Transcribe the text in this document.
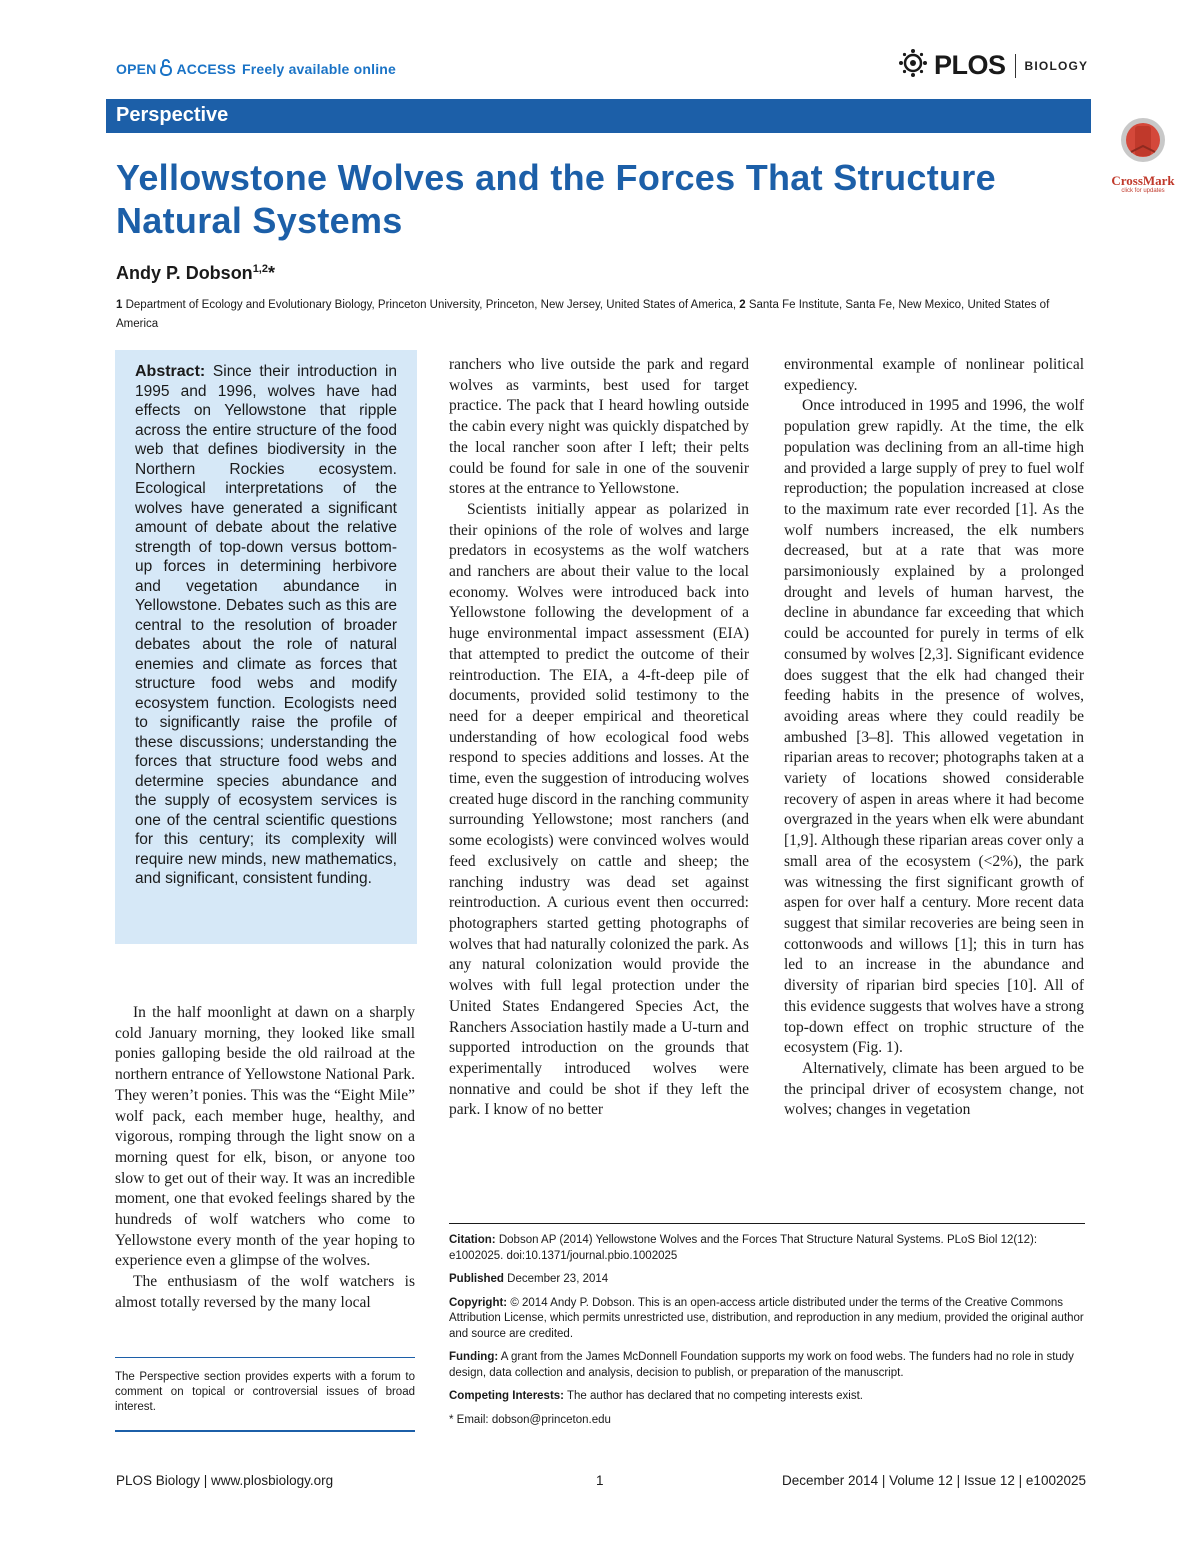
OPEN ACCESS Freely available online	PLOS BIOLOGY
Perspective
CrossMark
click for updates
Yellowstone Wolves and the Forces That Structure Natural Systems
Andy P. Dobson$^{1,2}$*
1 Department of Ecology and Evolutionary Biology, Princeton University, Princeton, New Jersey, United States of America, 2 Santa Fe Institute, Santa Fe, New Mexico, United States of America

Abstract: Since their introduction in 1995 and 1996, wolves have had effects on Yellowstone that ripple across the entire structure of the food web that defines biodiversity in the Northern Rockies ecosystem. Ecological interpretations of the wolves have generated a significant amount of debate about the relative strength of top-down versus bottom-up forces in determining herbivore and vegetation abundance in Yellowstone. Debates such as this are central to the resolution of broader debates about the role of natural enemies and climate as forces that structure food webs and modify ecosystem function. Ecologists need to significantly raise the profile of these discussions; understanding the forces that structure food webs and determine species abundance and the supply of ecosystem services is one of the central scientific questions for this century; its complexity will require new minds, new mathematics, and significant, consistent funding.

In the half moonlight at dawn on a sharply cold January morning, they looked like small ponies galloping beside the old railroad at the northern entrance of Yellowstone National Park. They weren’t ponies. This was the “Eight Mile” wolf pack, each member huge, healthy, and vigorous, romping through the light snow on a morning quest for elk, bison, or anyone too slow to get out of their way. It was an incredible moment, one that evoked feelings shared by the hundreds of wolf watchers who come to Yellowstone every month of the year hoping to experience even a glimpse of the wolves.

The enthusiasm of the wolf watchers is almost totally reversed by the many local

ranchers who live outside the park and regard wolves as varmints, best used for target practice. The pack that I heard howling outside the cabin every night was quickly dispatched by the local rancher soon after I left; their pelts could be found for sale in one of the souvenir stores at the entrance to Yellowstone.

Scientists initially appear as polarized in their opinions of the role of wolves and large predators in ecosystems as the wolf watchers and ranchers are about their value to the local economy. Wolves were introduced back into Yellowstone following the development of a huge environmental impact assessment (EIA) that attempted to predict the outcome of their reintroduction. The EIA, a 4-ft-deep pile of documents, provided solid testimony to the need for a deeper empirical and theoretical understanding of how ecological food webs respond to species additions and losses. At the time, even the suggestion of introducing wolves created huge discord in the ranching community surrounding Yellowstone; most ranchers (and some ecologists) were convinced wolves would feed exclusively on cattle and sheep; the ranching industry was dead set against reintroduction. A curious event then occurred: photographers started getting photographs of wolves that had naturally colonized the park. As any natural colonization would provide the wolves with full legal protection under the United States Endangered Species Act, the Ranchers Association hastily made a U-turn and supported introduction on the grounds that experimentally introduced wolves were nonnative and could be shot if they left the park. I know of no better

environmental example of nonlinear political expediency.

Once introduced in 1995 and 1996, the wolf population grew rapidly. At the time, the elk population was declining from an all-time high and provided a large supply of prey to fuel wolf reproduction; the population increased at close to the maximum rate ever recorded [1]. As the wolf numbers increased, the elk numbers decreased, but at a rate that was more parsimoniously explained by a prolonged drought and levels of human harvest, the decline in abundance far exceeding that which could be accounted for purely in terms of elk consumed by wolves [2,3]. Significant evidence does suggest that the elk had changed their feeding habits in the presence of wolves, avoiding areas where they could readily be ambushed [3–8]. This allowed vegetation in riparian areas to recover; photographs taken at a variety of locations showed considerable recovery of aspen in areas where it had become overgrazed in the years when elk were abundant [1,9]. Although these riparian areas cover only a small area of the ecosystem (<2%), the park was witnessing the first significant growth of aspen for over half a century. More recent data suggest that similar recoveries are being seen in cottonwoods and willows [1]; this in turn has led to an increase in the abundance and diversity of riparian bird species [10]. All of this evidence suggests that wolves have a strong top-down effect on trophic structure of the ecosystem (Fig. 1).

Alternatively, climate has been argued to be the principal driver of ecosystem change, not wolves; changes in vegetation

The Perspective section provides experts with a forum to comment on topical or controversial issues of broad interest.

Citation: Dobson AP (2014) Yellowstone Wolves and the Forces That Structure Natural Systems. PLoS Biol 12(12): e1002025. doi:10.1371/journal.pbio.1002025

Published December 23, 2014

Copyright: © 2014 Andy P. Dobson. This is an open-access article distributed under the terms of the Creative Commons Attribution License, which permits unrestricted use, distribution, and reproduction in any medium, provided the original author and source are credited.

Funding: A grant from the James McDonnell Foundation supports my work on food webs. The funders had no role in study design, data collection and analysis, decision to publish, or preparation of the manuscript.

Competing Interests: The author has declared that no competing interests exist.

* Email: dobson@princeton.edu

PLOS Biology | www.plosbiology.org	1	December 2014 | Volume 12 | Issue 12 | e1002025
